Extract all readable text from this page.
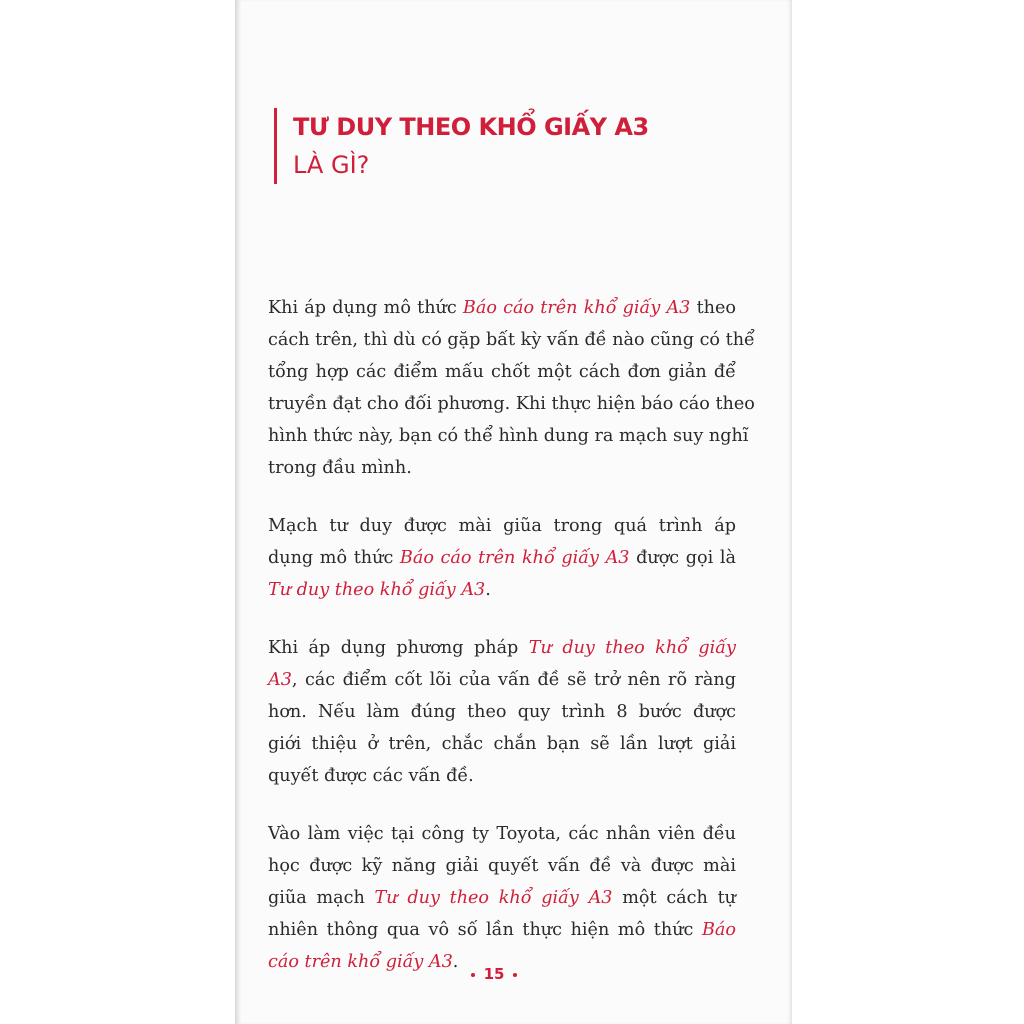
TƯ DUY THEO KHỔ GIẤY A3
LÀ GÌ?
Khi áp dụng mô thức Báo cáo trên khổ giấy A3 theo
cách trên, thì dù có gặp bất kỳ vấn đề nào cũng có thể
tổng hợp các điểm mấu chốt một cách đơn giản để
truyền đạt cho đối phương. Khi thực hiện báo cáo theo
hình thức này, bạn có thể hình dung ra mạch suy nghĩ
trong đầu mình.
Mạch tư duy được mài giũa trong quá trình áp
dụng mô thức Báo cáo trên khổ giấy A3 được gọi là
Tư duy theo khổ giấy A3.
Khi áp dụng phương pháp Tư duy theo khổ giấy
A3, các điểm cốt lõi của vấn đề sẽ trở nên rõ ràng
hơn. Nếu làm đúng theo quy trình 8 bước được
giới thiệu ở trên, chắc chắn bạn sẽ lần lượt giải
quyết được các vấn đề.
Vào làm việc tại công ty Toyota, các nhân viên đều
học được kỹ năng giải quyết vấn đề và được mài
giũa mạch Tư duy theo khổ giấy A3 một cách tự
nhiên thông qua vô số lần thực hiện mô thức Báo
cáo trên khổ giấy A3.
15
